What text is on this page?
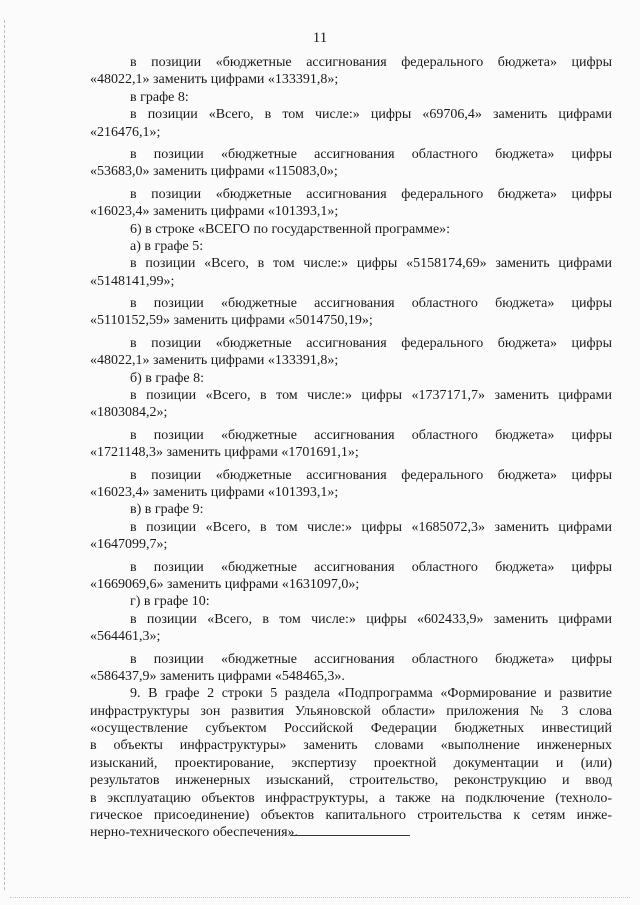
11
в позиции «бюджетные ассигнования федерального бюджета» цифры
«48022,1» заменить цифрами «133391,8»;
в графе 8:
в позиции «Всего, в том числе:» цифры «69706,4» заменить цифрами
«216476,1»;
в позиции «бюджетные ассигнования областного бюджета» цифры
«53683,0» заменить цифрами «115083,0»;
в позиции «бюджетные ассигнования федерального бюджета» цифры
«16023,4» заменить цифрами «101393,1»;
6) в строке «ВСЕГО по государственной программе»:
а) в графе 5:
в позиции «Всего, в том числе:» цифры «5158174,69» заменить цифрами
«5148141,99»;
в позиции «бюджетные ассигнования областного бюджета» цифры
«5110152,59» заменить цифрами «5014750,19»;
в позиции «бюджетные ассигнования федерального бюджета» цифры
«48022,1» заменить цифрами «133391,8»;
б) в графе 8:
в позиции «Всего, в том числе:» цифры «1737171,7» заменить цифрами
«1803084,2»;
в позиции «бюджетные ассигнования областного бюджета» цифры
«1721148,3» заменить цифрами «1701691,1»;
в позиции «бюджетные ассигнования федерального бюджета» цифры
«16023,4» заменить цифрами «101393,1»;
в) в графе 9:
в позиции «Всего, в том числе:» цифры «1685072,3» заменить цифрами
«1647099,7»;
в позиции «бюджетные ассигнования областного бюджета» цифры
«1669069,6» заменить цифрами «1631097,0»;
г) в графе 10:
в позиции «Всего, в том числе:» цифры «602433,9» заменить цифрами
«564461,3»;
в позиции «бюджетные ассигнования областного бюджета» цифры
«586437,9» заменить цифрами «548465,3».
9. В графе 2 строки 5 раздела «Подпрограмма «Формирование и развитие
инфраструктуры зон развития Ульяновской области» приложения № 3 слова
«осуществление субъектом Российской Федерации бюджетных инвестиций
в объекты инфраструктуры» заменить словами «выполнение инженерных
изысканий, проектирование, экспертизу проектной документации и (или)
результатов инженерных изысканий, строительство, реконструкцию и ввод
в эксплуатацию объектов инфраструктуры, а также на подключение (техноло-
гическое присоединение) объектов капитального строительства к сетям инже-
нерно-технического обеспечения».
